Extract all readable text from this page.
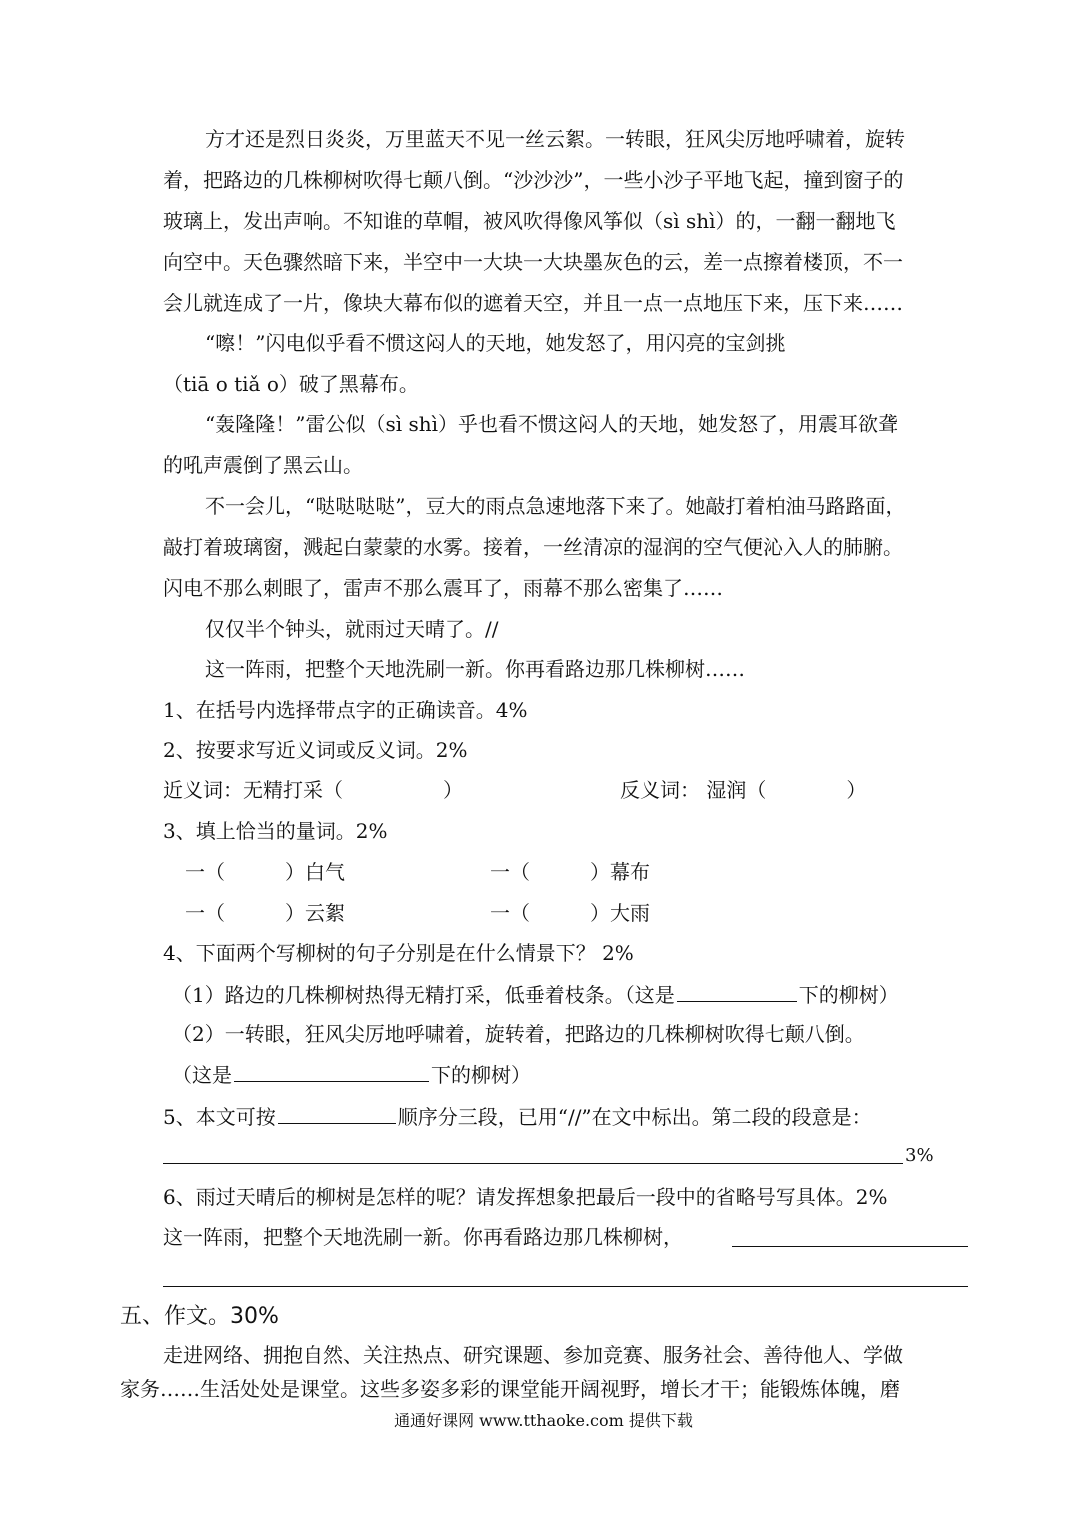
方才还是烈日炎炎，万里蓝天不见一丝云絮。一转眼，狂风尖厉地呼啸着，旋转
着，把路边的几株柳树吹得七颠八倒。“沙沙沙”，一些小沙子平地飞起，撞到窗子的
玻璃上，发出声响。不知谁的草帽，被风吹得像风筝似（sì shì）的，一翻一翻地飞
向空中。天色骤然暗下来，半空中一大块一大块墨灰色的云，差一点擦着楼顶，不一
会儿就连成了一片，像块大幕布似的遮着天空，并且一点一点地压下来，压下来……
“嚓！”闪电似乎看不惯这闷人的天地，她发怒了，用闪亮的宝剑挑
（tiā o tiǎ o）破了黑幕布。
“轰隆隆！”雷公似（sì shì）乎也看不惯这闷人的天地，她发怒了，用震耳欲聋
的吼声震倒了黑云山。
不一会儿，“哒哒哒哒”，豆大的雨点急速地落下来了。她敲打着柏油马路路面，
敲打着玻璃窗，溅起白蒙蒙的水雾。接着，一丝清凉的湿润的空气便沁入人的肺腑。
闪电不那么刺眼了，雷声不那么震耳了，雨幕不那么密集了……
仅仅半个钟头，就雨过天晴了。//
这一阵雨，把整个天地洗刷一新。你再看路边那几株柳树……
1、在括号内选择带点字的正确读音。4%
2、按要求写近义词或反义词。2%
近义词：无精打采（　　　　　）	反义词： 湿润（　　　　）
3、填上恰当的量词。2%
一（　　　）白气	一（　　　）幕布
一（　　　）云絮	一（　　　）大雨
4、下面两个写柳树的句子分别是在什么情景下？ 2%
（1）路边的几株柳树热得无精打采，低垂着枝条。（这是	下的柳树）
（2）一转眼，狂风尖厉地呼啸着，旋转着，把路边的几株柳树吹得七颠八倒。
（这是	下的柳树）
5、本文可按	顺序分三段，已用“//”在文中标出。第二段的段意是：
3%
6、雨过天晴后的柳树是怎样的呢？请发挥想象把最后一段中的省略号写具体。2%
这一阵雨，把整个天地洗刷一新。你再看路边那几株柳树，
五、作文。30%
走进网络、拥抱自然、关注热点、研究课题、参加竞赛、服务社会、善待他人、学做
家务……生活处处是课堂。这些多姿多彩的课堂能开阔视野，增长才干；能锻炼体魄，磨
通通好课网 www.tthaoke.com 提供下载
